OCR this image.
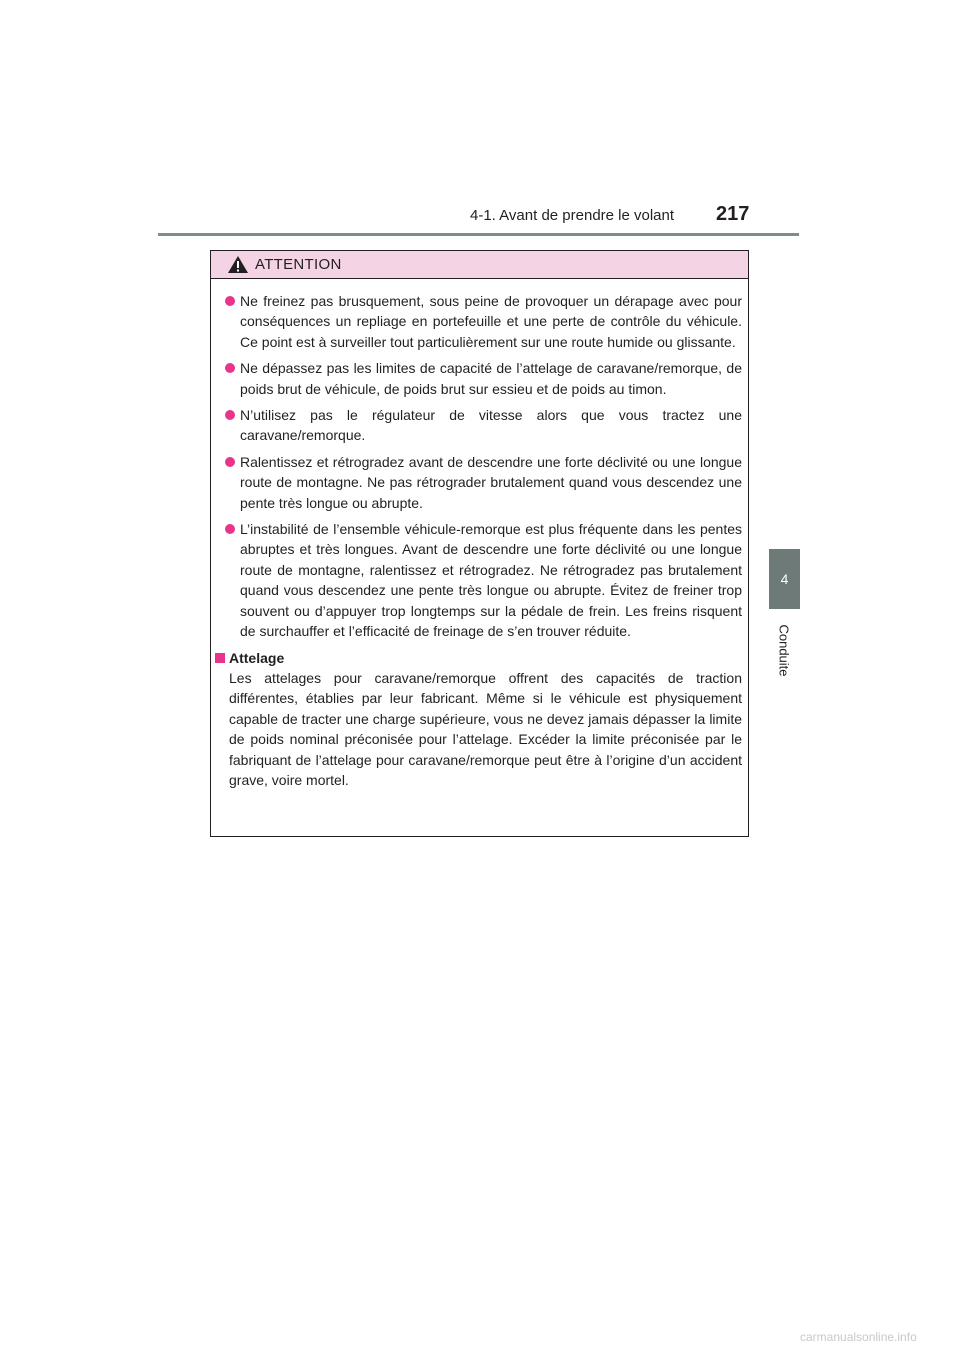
4-1. Avant de prendre le volant 217
4
Conduite
ATTENTION
Ne freinez pas brusquement, sous peine de provoquer un dérapage avec pour conséquences un repliage en portefeuille et une perte de contrôle du véhicule. Ce point est à surveiller tout particulièrement sur une route humide ou glissante.
Ne dépassez pas les limites de capacité de l’attelage de caravane/remorque, de poids brut de véhicule, de poids brut sur essieu et de poids au timon.
N’utilisez pas le régulateur de vitesse alors que vous tractez une caravane/remorque.
Ralentissez et rétrogradez avant de descendre une forte déclivité ou une longue route de montagne. Ne pas rétrograder brutalement quand vous descendez une pente très longue ou abrupte.
L’instabilité de l’ensemble véhicule-remorque est plus fréquente dans les pentes abruptes et très longues. Avant de descendre une forte déclivité ou une longue route de montagne, ralentissez et rétrogradez. Ne rétrogradez pas brutalement quand vous descendez une pente très longue ou abrupte. Évitez de freiner trop souvent ou d’appuyer trop longtemps sur la pédale de frein. Les freins risquent de surchauffer et l’efficacité de freinage de s’en trouver réduite.
Attelage
Les attelages pour caravane/remorque offrent des capacités de traction différentes, établies par leur fabricant. Même si le véhicule est physiquement capable de tracter une charge supérieure, vous ne devez jamais dépasser la limite de poids nominal préconisée pour l’attelage. Excéder la limite préconisée par le fabriquant de l’attelage pour caravane/remorque peut être à l’origine d’un accident grave, voire mortel.
carmanualsonline.info
